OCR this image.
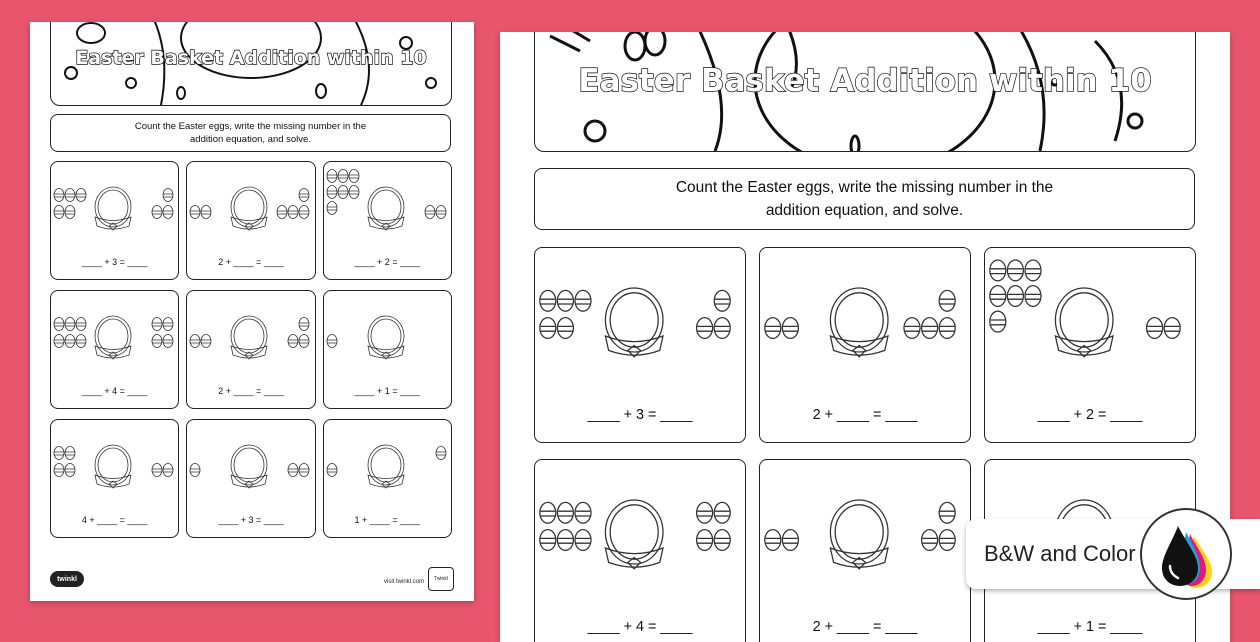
Easter Basket Addition within 10
Count the Easter eggs, write the missing number in the
addition equation, and solve.
____ + 3 = ____	2 + ____ = ____	____ + 2 = ____
____ + 4 = ____	2 + ____ = ____	____ + 1 = ____
4 + ____ = ____	____ + 3 = ____	1 + ____ = ____
twinkl	visit twinkl.com	Twinkl
Easter Basket Addition within 10
Count the Easter eggs, write the missing number in the
addition equation, and solve.
____ + 3 = ____	2 + ____ = ____	____ + 2 = ____
____ + 4 = ____	2 + ____ = ____	____ + 1 = ____
B&W and Color
